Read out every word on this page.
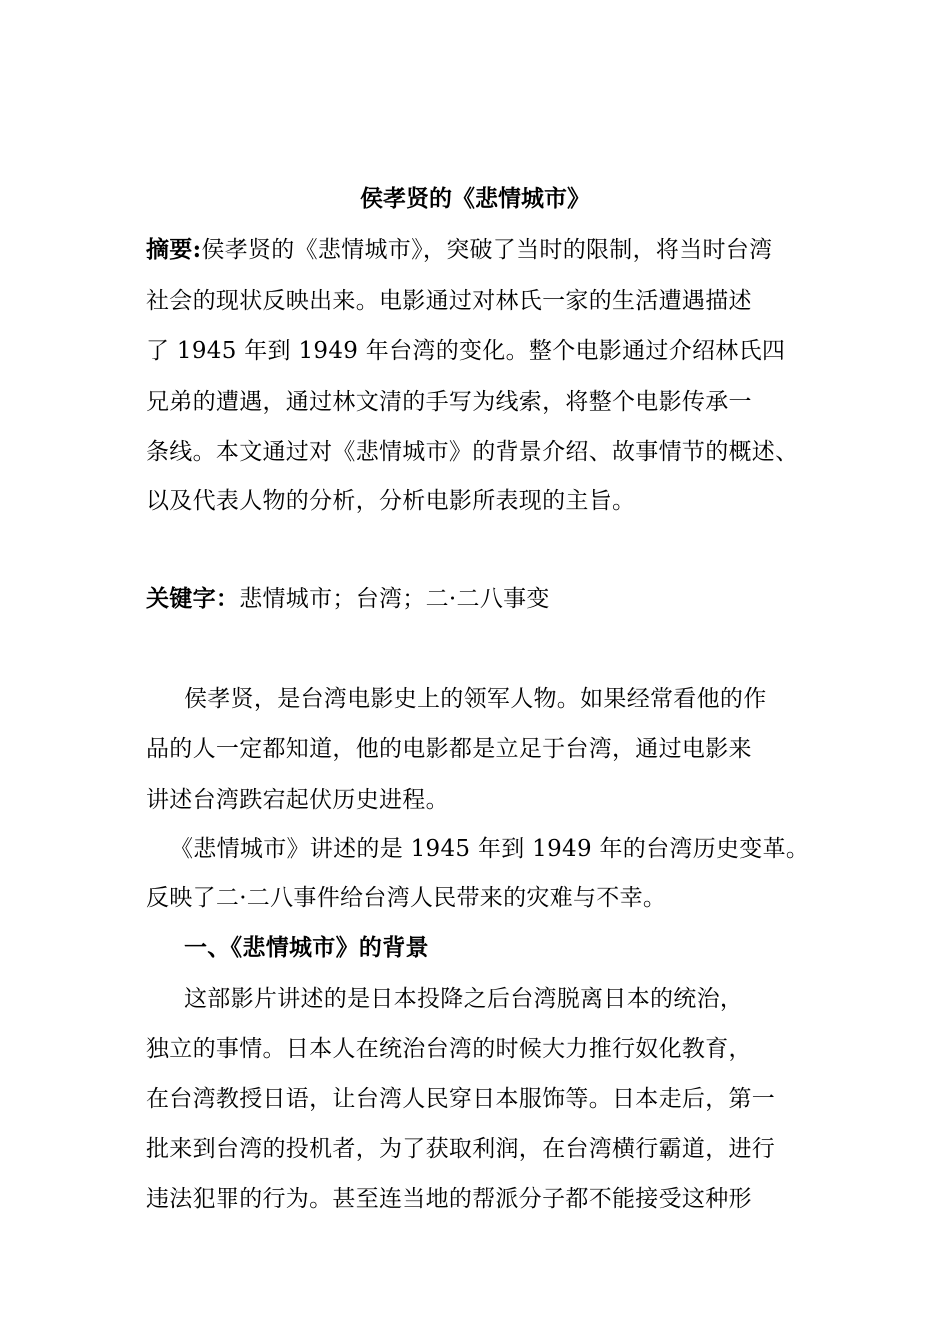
侯孝贤的《悲情城市》
摘要:侯孝贤的《悲情城市》，突破了当时的限制，将当时台湾
社会的现状反映出来。电影通过对林氏一家的生活遭遇描述
了 1945 年到 1949 年台湾的变化。整个电影通过介绍林氏四
兄弟的遭遇，通过林文清的手写为线索，将整个电影传承一
条线。本文通过对《悲情城市》的背景介绍、故事情节的概述、
以及代表人物的分析，分析电影所表现的主旨。
关键字：悲情城市；台湾；二·二八事变
侯孝贤，是台湾电影史上的领军人物。如果经常看他的作
品的人一定都知道，他的电影都是立足于台湾，通过电影来
讲述台湾跌宕起伏历史进程。
《悲情城市》讲述的是 1945 年到 1949 年的台湾历史变革。
反映了二·二八事件给台湾人民带来的灾难与不幸。
一、《悲情城市》的背景
这部影片讲述的是日本投降之后台湾脱离日本的统治，
独立的事情。日本人在统治台湾的时候大力推行奴化教育，
在台湾教授日语，让台湾人民穿日本服饰等。日本走后，第一
批来到台湾的投机者，为了获取利润，在台湾横行霸道，进行
违法犯罪的行为。甚至连当地的帮派分子都不能接受这种形
